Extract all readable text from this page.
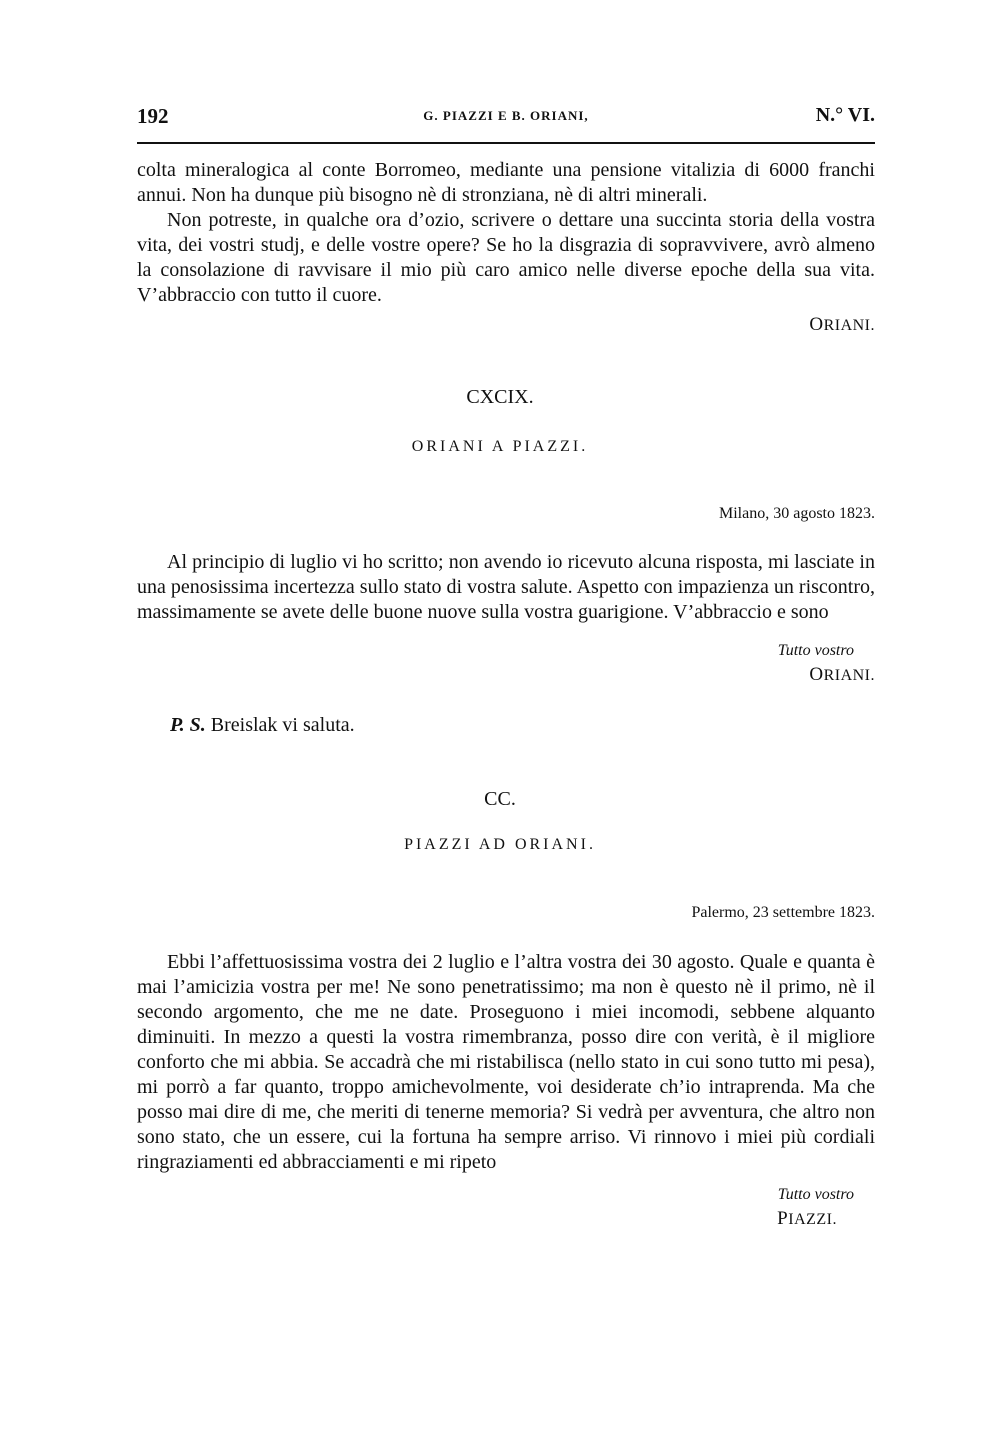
192	G. PIAZZI E B. ORIANI,	N.° VI.

colta mineralogica al conte Borromeo, mediante una pensione vitalizia di 6000 franchi annui. Non ha dunque più bisogno nè di stronziana, nè di altri minerali.

Non potreste, in qualche ora d’ozio, scrivere o dettare una succinta storia della vostra vita, dei vostri studj, e delle vostre opere? Se ho la disgrazia di sopravvivere, avrò almeno la consolazione di ravvisare il mio più caro amico nelle diverse epoche della sua vita. V’abbraccio con tutto il cuore.

ORIANI.
CXCIX.
ORIANI A PIAZZI.
Milano, 30 agosto 1823.

Al principio di luglio vi ho scritto; non avendo io ricevuto alcuna risposta, mi lasciate in una penosissima incertezza sullo stato di vostra salute. Aspetto con impazienza un riscontro, massimamente se avete delle buone nuove sulla vostra guarigione. V’abbraccio e sono

Tutto vostro
ORIANI.
P. S. Breislak vi saluta.
CC.
PIAZZI AD ORIANI.
Palermo, 23 settembre 1823.

Ebbi l’affettuosissima vostra dei 2 luglio e l’altra vostra dei 30 agosto. Quale e quanta è mai l’amicizia vostra per me! Ne sono penetratissimo; ma non è questo nè il primo, nè il secondo argomento, che me ne date. Proseguono i miei incomodi, sebbene alquanto diminuiti. In mezzo a questi la vostra rimembranza, posso dire con verità, è il migliore conforto che mi abbia. Se accadrà che mi ristabilisca (nello stato in cui sono tutto mi pesa), mi porrò a far quanto, troppo amichevolmente, voi desiderate ch’io intraprenda. Ma che posso mai dire di me, che meriti di tenerne memoria? Si vedrà per avventura, che altro non sono stato, che un essere, cui la fortuna ha sempre arriso. Vi rinnovo i miei più cordiali ringraziamenti ed abbracciamenti e mi ripeto

Tutto vostro
PIAZZI.
